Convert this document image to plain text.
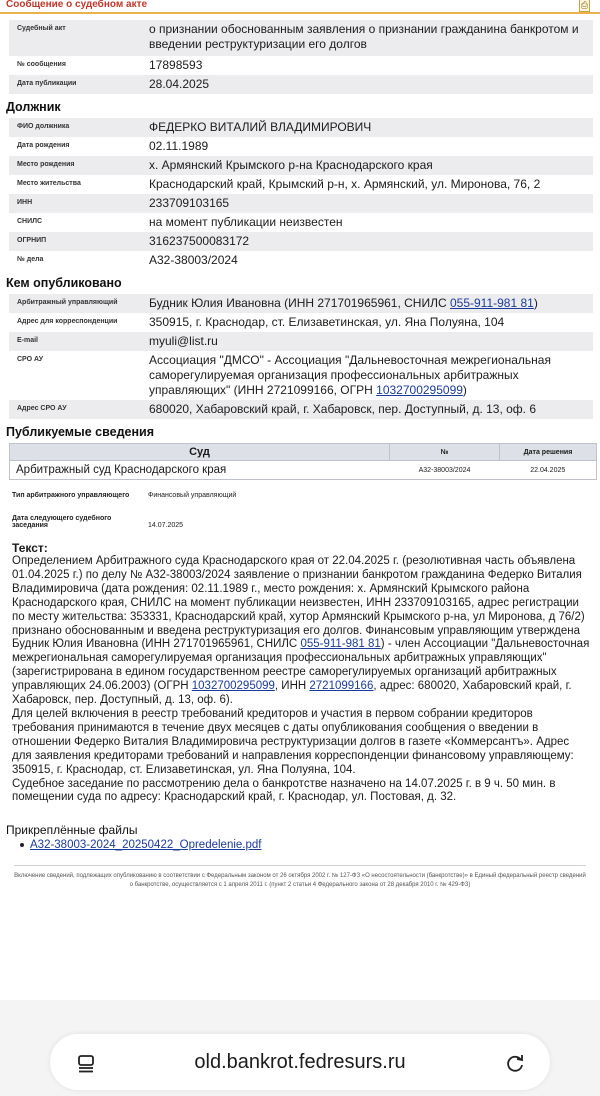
Сообщение о судебном акте	⎙
Судебный акт	о признании обоснованным заявления о признании гражданина банкротом и введении реструктуризации его долгов
№ сообщения	17898593
Дата публикации	28.04.2025
Должник
ФИО должника	ФЕДЕРКО ВИТАЛИЙ ВЛАДИМИРОВИЧ
Дата рождения	02.11.1989
Место рождения	х. Армянский Крымского р-на Краснодарского края
Место жительства	Краснодарский край, Крымский р-н, х. Армянский, ул. Миронова, 76, 2
ИНН	233709103165
СНИЛС	на момент публикации неизвестен
ОГРНИП	316237500083172
№ дела	А32-38003/2024
Кем опубликовано
Арбитражный управляющий	Будник Юлия Ивановна (ИНН 271701965961, СНИЛС 055-911-981 81)
Адрес для корреспонденции	350915, г. Краснодар, ст. Елизаветинская, ул. Яна Полуяна, 104
E-mail	myuli@list.ru
СРО АУ	Ассоциация "ДМСО" - Ассоциация "Дальневосточная межрегиональная саморегулируемая организация профессиональных арбитражных управляющих" (ИНН 2721099166, ОГРН 1032700295099)
Адрес СРО АУ	680020, Хабаровский край, г. Хабаровск, пер. Доступный, д. 13, оф. 6
Публикуемые сведения
Суд	№	Дата решения
Арбитражный суд Краснодарского края	А32-38003/2024	22.04.2025
Тип арбитражного управляющего	Финансовый управляющий
Дата следующего судебного заседания	14.07.2025
Текст:

Определением Арбитражного суда Краснодарского края от 22.04.2025 г. (резолютивная часть объявлена 01.04.2025 г.) по делу № А32-38003/2024 заявление о признании банкротом гражданина Федерко Виталия Владимировича (дата рождения: 02.11.1989 г., место рождения: х. Армянский Крымского района Краснодарского края, СНИЛС на момент публикации неизвестен, ИНН 233709103165, адрес регистрации по месту жительства: 353331, Краснодарский край, хутор Армянский Крымского р-на, ул Миронова, д 76/2) признано обоснованным и введена реструктуризация его долгов. Финансовым управляющим утверждена Будник Юлия Ивановна (ИНН 271701965961, СНИЛС 055-911-981 81) - член Ассоциации "Дальневосточная межрегиональная саморегулируемая организация профессиональных арбитражных управляющих" (зарегистрирована в едином государственном реестре саморегулируемых организаций арбитражных управляющих 24.06.2003) (ОГРН 1032700295099, ИНН 2721099166, адрес: 680020, Хабаровский край, г. Хабаровск, пер. Доступный, д. 13, оф. 6).

Для целей включения в реестр требований кредиторов и участия в первом собрании кредиторов требования принимаются в течение двух месяцев с даты опубликования сообщения о введении в отношении Федерко Виталия Владимировича реструктуризации долгов в газете «Коммерсантъ». Адрес для заявления кредиторами требований и направления корреспонденции финансовому управляющему: 350915, г. Краснодар, ст. Елизаветинская, ул. Яна Полуяна, 104.

Судебное заседание по рассмотрению дела о банкротстве назначено на 14.07.2025 г. в 9 ч. 50 мин. в помещении суда по адресу: Краснодарский край, г. Краснодар, ул. Постовая, д. 32.

Прикреплённые файлы
А32-38003-2024_20250422_Opredelenie.pdf
Включение сведений, подлежащих опубликованию в соответствии с Федеральным законом от 26 октября 2002 г. № 127-ФЗ «О несостоятельности (банкротстве)» в Единый федеральный реестр сведений о банкротстве, осуществляется с 1 апреля 2011 г. (пункт 2 статьи 4 Федерального закона от 28 декабря 2010 г. № 429-ФЗ)
old.bankrot.fedresurs.ru
